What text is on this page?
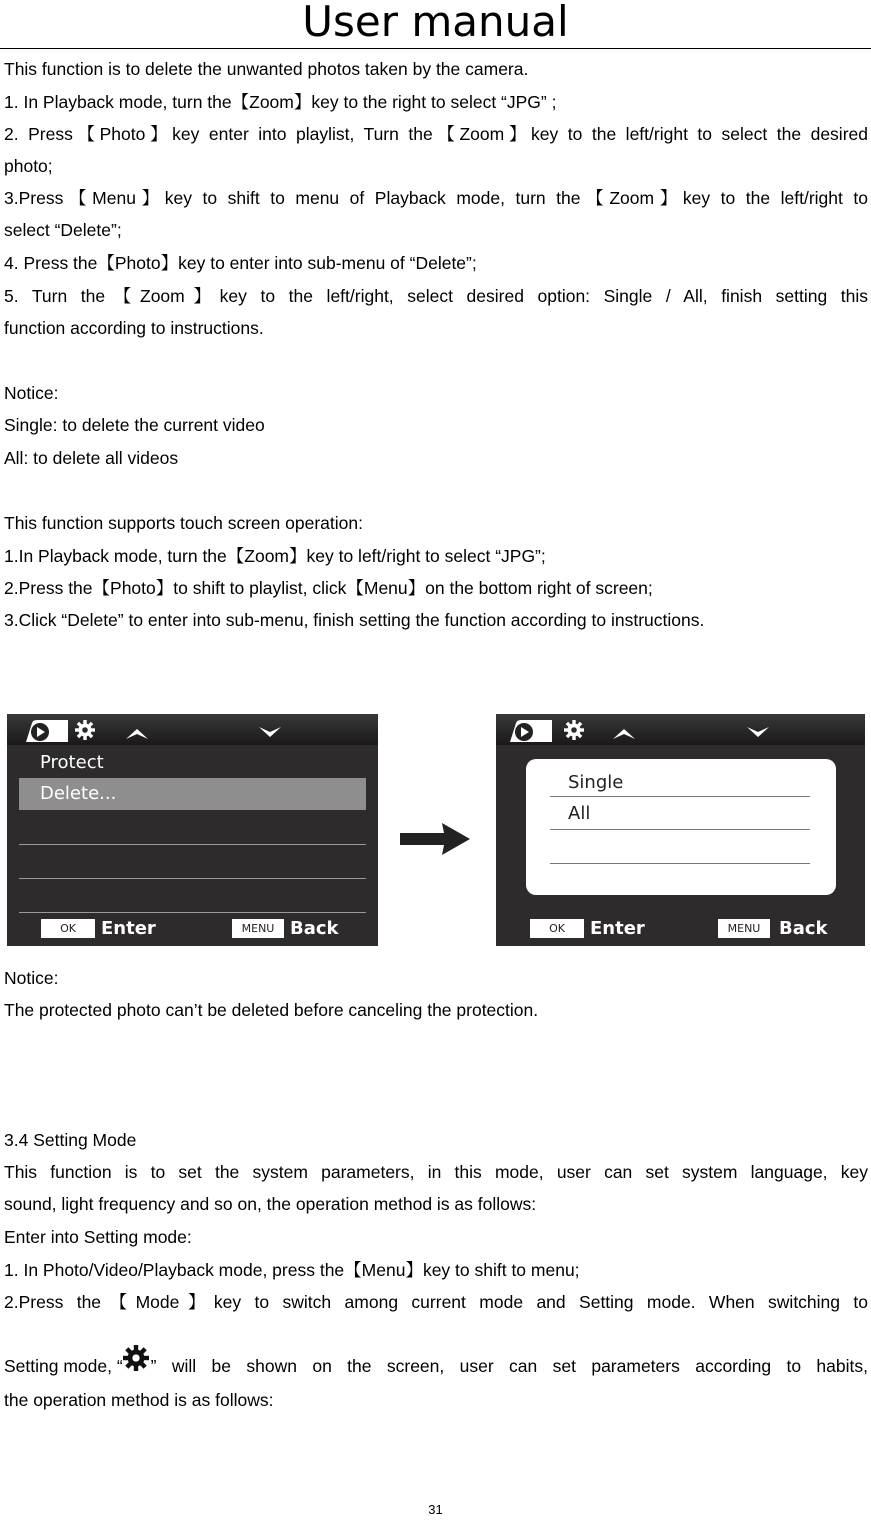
User manual
This function is to delete the unwanted photos taken by the camera.
1. In Playback mode, turn the【Zoom】key to the right to select “JPG” ;
2. Press【Photo】key enter into playlist, Turn the【Zoom】key to the left/right to select the desired
photo;
3.Press【Menu】key to shift to menu of Playback mode, turn the【Zoom】key to the left/right to
select “Delete”;
4. Press the【Photo】key to enter into sub-menu of “Delete”;
5. Turn the【Zoom】key to the left/right, select desired option: Single / All, finish setting this
function according to instructions.
Notice:
Single: to delete the current video
All: to delete all videos
This function supports touch screen operation:
1.In Playback mode, turn the【Zoom】key to left/right to select “JPG”;
2.Press the【Photo】to shift to playlist, click【Menu】on the bottom right of screen;
3.Click “Delete” to enter into sub-menu, finish setting the function according to instructions.
Protect
Delete...
OK	Enter	MENU Back
Single
All
OK	Enter	MENU	Back
Notice:
The protected photo can’t be deleted before canceling the protection.
3.4 Setting Mode
This function is to set the system parameters, in this mode, user can set system language, key
sound, light frequency and so on, the operation method is as follows:
Enter into Setting mode:
1. In Photo/Video/Playback mode, press the【Menu】key to shift to menu;
2.Press the【Mode】key to switch among current mode and Setting mode. When switching to
Setting mode, “ ” will be shown on the screen, user can set parameters according to habits,
the operation method is as follows:
31
